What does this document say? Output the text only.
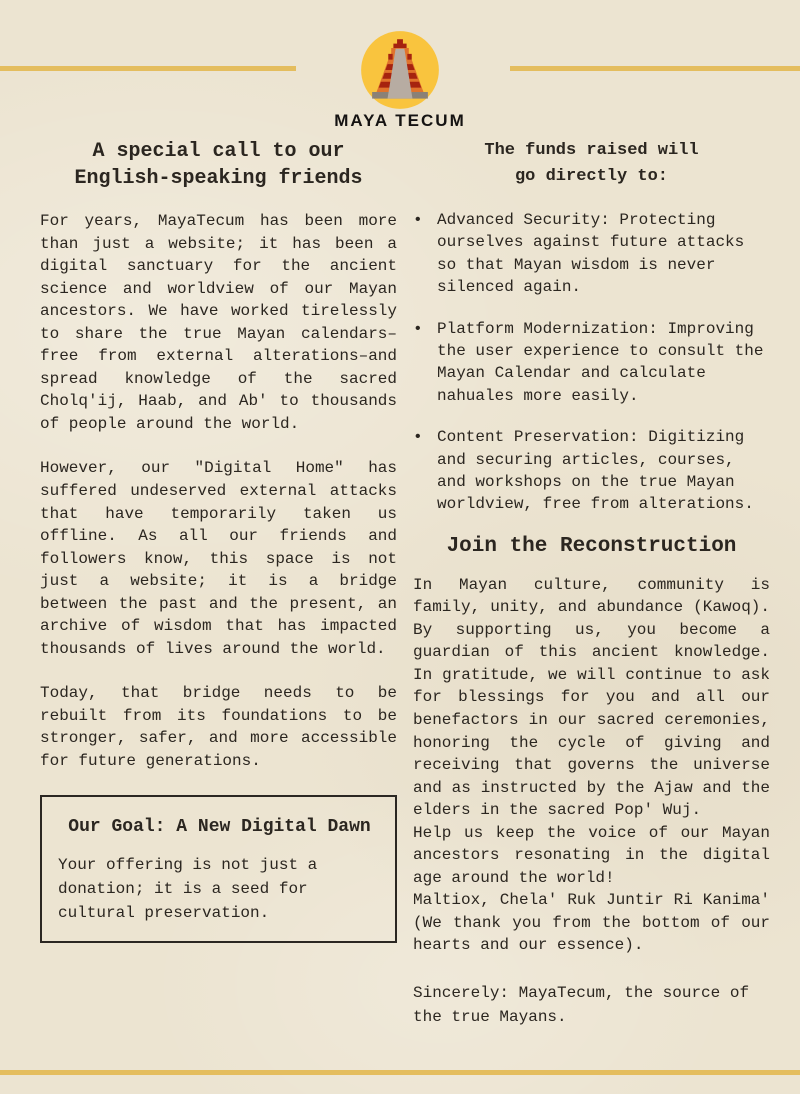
MAYA TECUM
A special call to our English-speaking friends

For years, MayaTecum has been more than just a website; it has been a digital sanctuary for the ancient science and worldview of our Mayan ancestors. We have worked tirelessly to share the true Mayan calendars–free from external alterations–and spread knowledge of the sacred Cholq'ij, Haab, and Ab' to thousands of people around the world.

However, our "Digital Home" has suffered undeserved external attacks that have temporarily taken us offline. As all our friends and followers know, this space is not just a website; it is a bridge between the past and the present, an archive of wisdom that has impacted thousands of lives around the world.

Today, that bridge needs to be rebuilt from its foundations to be stronger, safer, and more accessible for future generations.

Our Goal: A New Digital Dawn

Your offering is not just a donation; it is a seed for cultural preservation.

The funds raised will
go directly to:
• Advanced Security: Protecting ourselves against future attacks so that Mayan wisdom is never silenced again.
• Platform Modernization: Improving the user experience to consult the Mayan Calendar and calculate nahuales more easily.
• Content Preservation: Digitizing and securing articles, courses, and workshops on the true Mayan worldview, free from alterations.
Join the Reconstruction

In Mayan culture, community is family, unity, and abundance (Kawoq). By supporting us, you become a guardian of this ancient knowledge. In gratitude, we will continue to ask for blessings for you and all our benefactors in our sacred ceremonies, honoring the cycle of giving and receiving that governs the universe and as instructed by the Ajaw and the elders in the sacred Pop' Wuj.

Help us keep the voice of our Mayan ancestors resonating in the digital age around the world!

Maltiox, Chela' Ruk Juntir Ri Kanima' (We thank you from the bottom of our hearts and our essence).

Sincerely: MayaTecum, the source of the true Mayans.
